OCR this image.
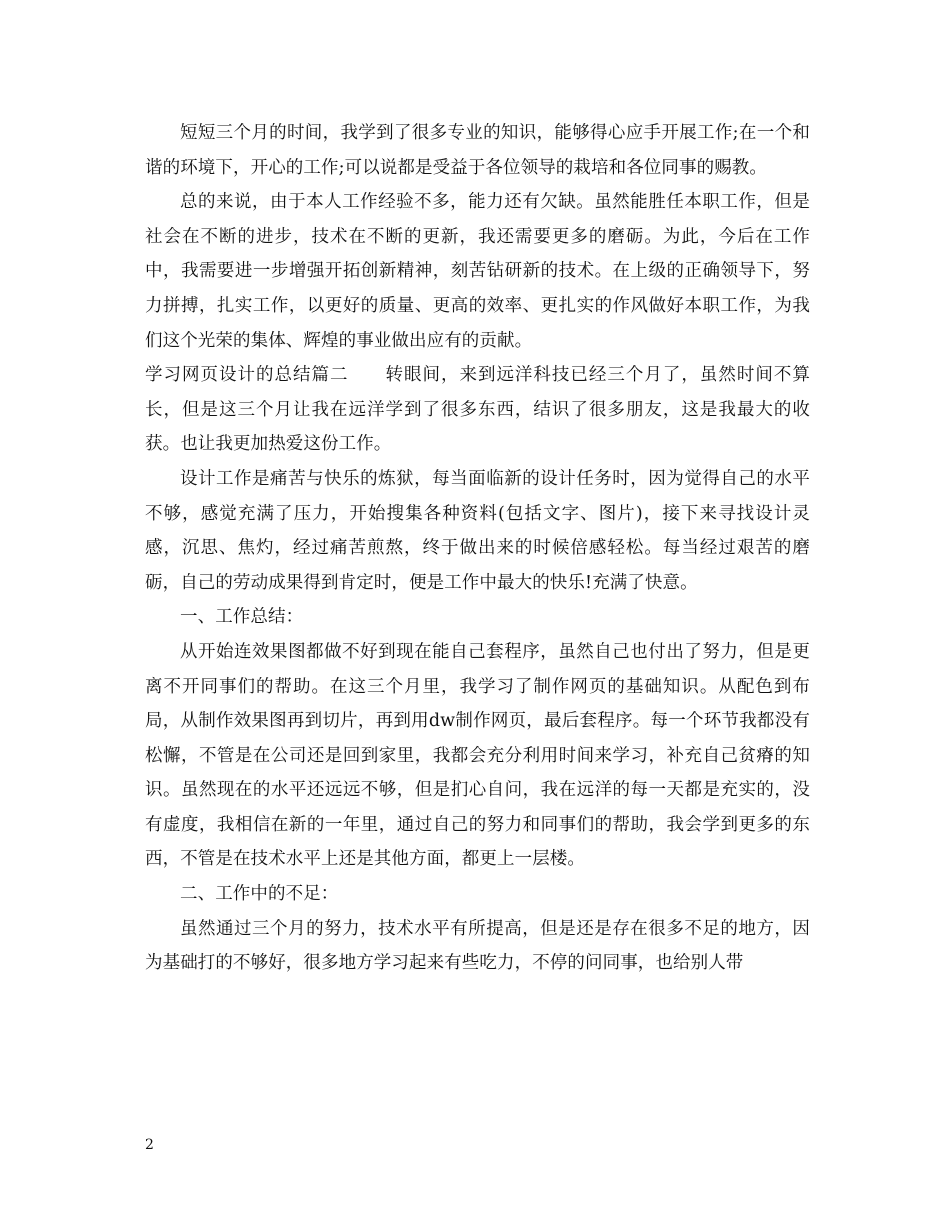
短短三个月的时间，我学到了很多专业的知识，能够得心应手开展工作;在一个和谐的环境下，开心的工作;可以说都是受益于各位领导的栽培和各位同事的赐教。

总的来说，由于本人工作经验不多，能力还有欠缺。虽然能胜任本职工作，但是社会在不断的进步，技术在不断的更新，我还需要更多的磨砺。为此，今后在工作中，我需要进一步增强开拓创新精神，刻苦钻研新的技术。在上级的正确领导下，努力拼搏，扎实工作，以更好的质量、更高的效率、更扎实的作风做好本职工作，为我们这个光荣的集体、辉煌的事业做出应有的贡献。

学习网页设计的总结篇二　　转眼间，来到远洋科技已经三个月了，虽然时间不算长，但是这三个月让我在远洋学到了很多东西，结识了很多朋友，这是我最大的收获。也让我更加热爱这份工作。

设计工作是痛苦与快乐的炼狱，每当面临新的设计任务时，因为觉得自己的水平不够，感觉充满了压力，开始搜集各种资料(包括文字、图片)，接下来寻找设计灵感，沉思、焦灼，经过痛苦煎熬，终于做出来的时候倍感轻松。每当经过艰苦的磨砺，自己的劳动成果得到肯定时，便是工作中最大的快乐!充满了快意。

一、工作总结：

从开始连效果图都做不好到现在能自己套程序，虽然自己也付出了努力，但是更离不开同事们的帮助。在这三个月里，我学习了制作网页的基础知识。从配色到布局，从制作效果图再到切片，再到用dw制作网页，最后套程序。每一个环节我都没有松懈，不管是在公司还是回到家里，我都会充分利用时间来学习，补充自己贫瘠的知识。虽然现在的水平还远远不够，但是扪心自问，我在远洋的每一天都是充实的，没有虚度，我相信在新的一年里，通过自己的努力和同事们的帮助，我会学到更多的东西，不管是在技术水平上还是其他方面，都更上一层楼。

二、工作中的不足：

虽然通过三个月的努力，技术水平有所提高，但是还是存在很多不足的地方，因为基础打的不够好，很多地方学习起来有些吃力，不停的问同事，也给别人带

2
